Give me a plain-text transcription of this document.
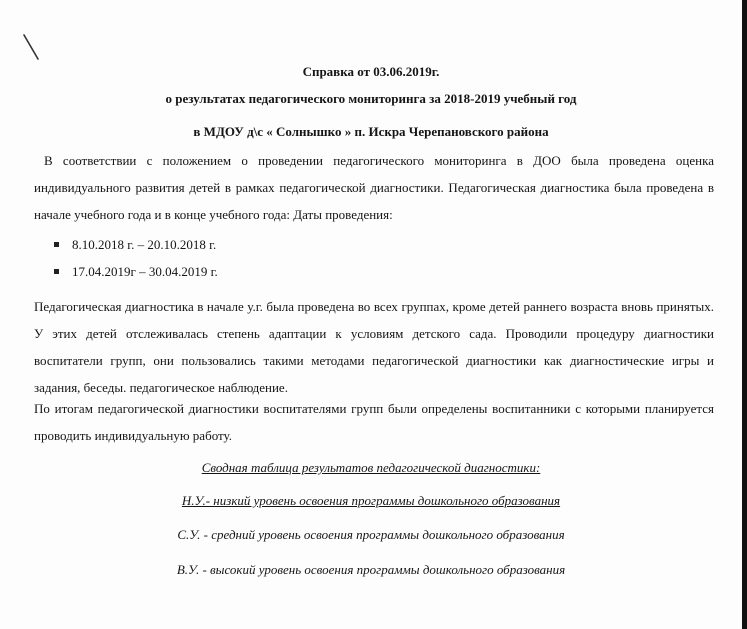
Справка от 03.06.2019г.
о результатах педагогического мониторинга за 2018-2019 учебный год
в МДОУ д\с « Солнышко » п. Искра Черепановского района
В соответствии с положением о проведении педагогического мониторинга в ДОО была проведена оценка индивидуального развития детей в рамках педагогической диагностики. Педагогическая диагностика была проведена в начале учебного года и в конце учебного года: Даты проведения:
8.10.2018 г. – 20.10.2018 г.
17.04.2019г – 30.04.2019 г.
Педагогическая диагностика в начале у.г. была проведена во всех группах, кроме детей раннего возраста вновь принятых. У этих детей отслеживалась степень адаптации к условиям детского сада. Проводили процедуру диагностики воспитатели групп, они пользовались такими методами педагогической диагностики как диагностические игры и задания, беседы. педагогическое наблюдение.
По итогам педагогической диагностики воспитателями групп были определены воспитанники с которыми планируется проводить индивидуальную работу.
Сводная таблица результатов педагогической диагностики:
Н.У.- низкий уровень освоения программы дошкольного образования
С.У. - средний уровень освоения программы дошкольного образования
В.У. - высокий уровень освоения программы дошкольного образования
